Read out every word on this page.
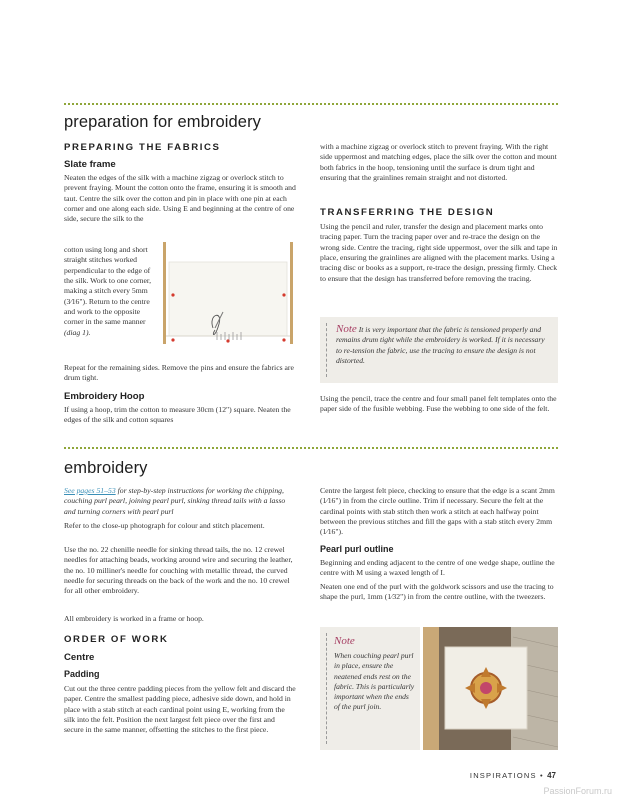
preparation for embroidery
PREPARING THE FABRICS
Slate frame

Neaten the edges of the silk with a machine zigzag or overlock stitch to prevent fraying. Mount the cotton onto the frame, ensuring it is smooth and taut. Centre the silk over the cotton and pin in place with one pin at each corner and one along each side. Using E and beginning at the centre of one side, secure the silk to the

cotton using long and short straight stitches worked perpendicular to the edge of the silk. Work to one corner, making a stitch every 5mm (3⁄16"). Return to the centre and work to the opposite corner in the same manner (diag 1).

Repeat for the remaining sides. Remove the pins and ensure the fabrics are drum tight.

Embroidery Hoop

If using a hoop, trim the cotton to measure 30cm (12") square. Neaten the edges of the silk and cotton squares

with a machine zigzag or overlock stitch to prevent fraying. With the right side uppermost and matching edges, place the silk over the cotton and mount both fabrics in the hoop, tensioning until the surface is drum tight and ensuring that the grainlines remain straight and not distorted.

TRANSFERRING THE DESIGN

Using the pencil and ruler, transfer the design and placement marks onto tracing paper. Turn the tracing paper over and re-trace the design on the wrong side. Centre the tracing, right side uppermost, over the silk and tape in place, ensuring the grainlines are aligned with the placement marks. Using a tracing disc or books as a support, re-trace the design, pressing firmly. Check to ensure that the design has transferred before removing the tracing.

Note It is very important that the fabric is tensioned properly and remains drum tight while the embroidery is worked. If it is necessary to re-tension the fabric, use the tracing to ensure the design is not distorted.

Using the pencil, trace the centre and four small panel felt templates onto the paper side of the fusible webbing. Fuse the webbing to one side of the felt.

embroidery

See pages 51–53 for step-by-step instructions for working the chipping, couching purl pearl, joining pearl purl, sinking thread tails with a lasso and turning corners with pearl purl

Refer to the close-up photograph for colour and stitch placement.

Use the no. 22 chenille needle for sinking thread tails, the no. 12 crewel needles for attaching beads, working around wire and securing the leather, the no. 10 milliner's needle for couching with metallic thread, the curved needle for securing threads on the back of the work and the no. 10 crewel for all other embroidery.

All embroidery is worked in a frame or hoop.

ORDER OF WORK
Centre
Padding

Cut out the three centre padding pieces from the yellow felt and discard the paper. Centre the smallest padding piece, adhesive side down, and hold in place with a stab stitch at each cardinal point using E, working from the silk into the felt. Position the next largest felt piece over the first and secure in the same manner, offsetting the stitches to the first piece.

Centre the largest felt piece, checking to ensure that the edge is a scant 2mm (1⁄16") in from the circle outline. Trim if necessary. Secure the felt at the cardinal points with stab stitch then work a stitch at each halfway point between the previous stitches and fill the gaps with a stab stitch every 2mm (1⁄16").

Pearl purl outline

Beginning and ending adjacent to the centre of one wedge shape, outline the centre with M using a waxed length of I.

Neaten one end of the purl with the goldwork scissors and use the tracing to shape the purl, 1mm (1⁄32") in from the centre outline, with the tweezers.

Note
When couching pearl purl in place, ensure the neatened ends rest on the fabric. This is particularly important when the ends of the purl join.
INSPIRATIONS • 47
PassionForum.ru
